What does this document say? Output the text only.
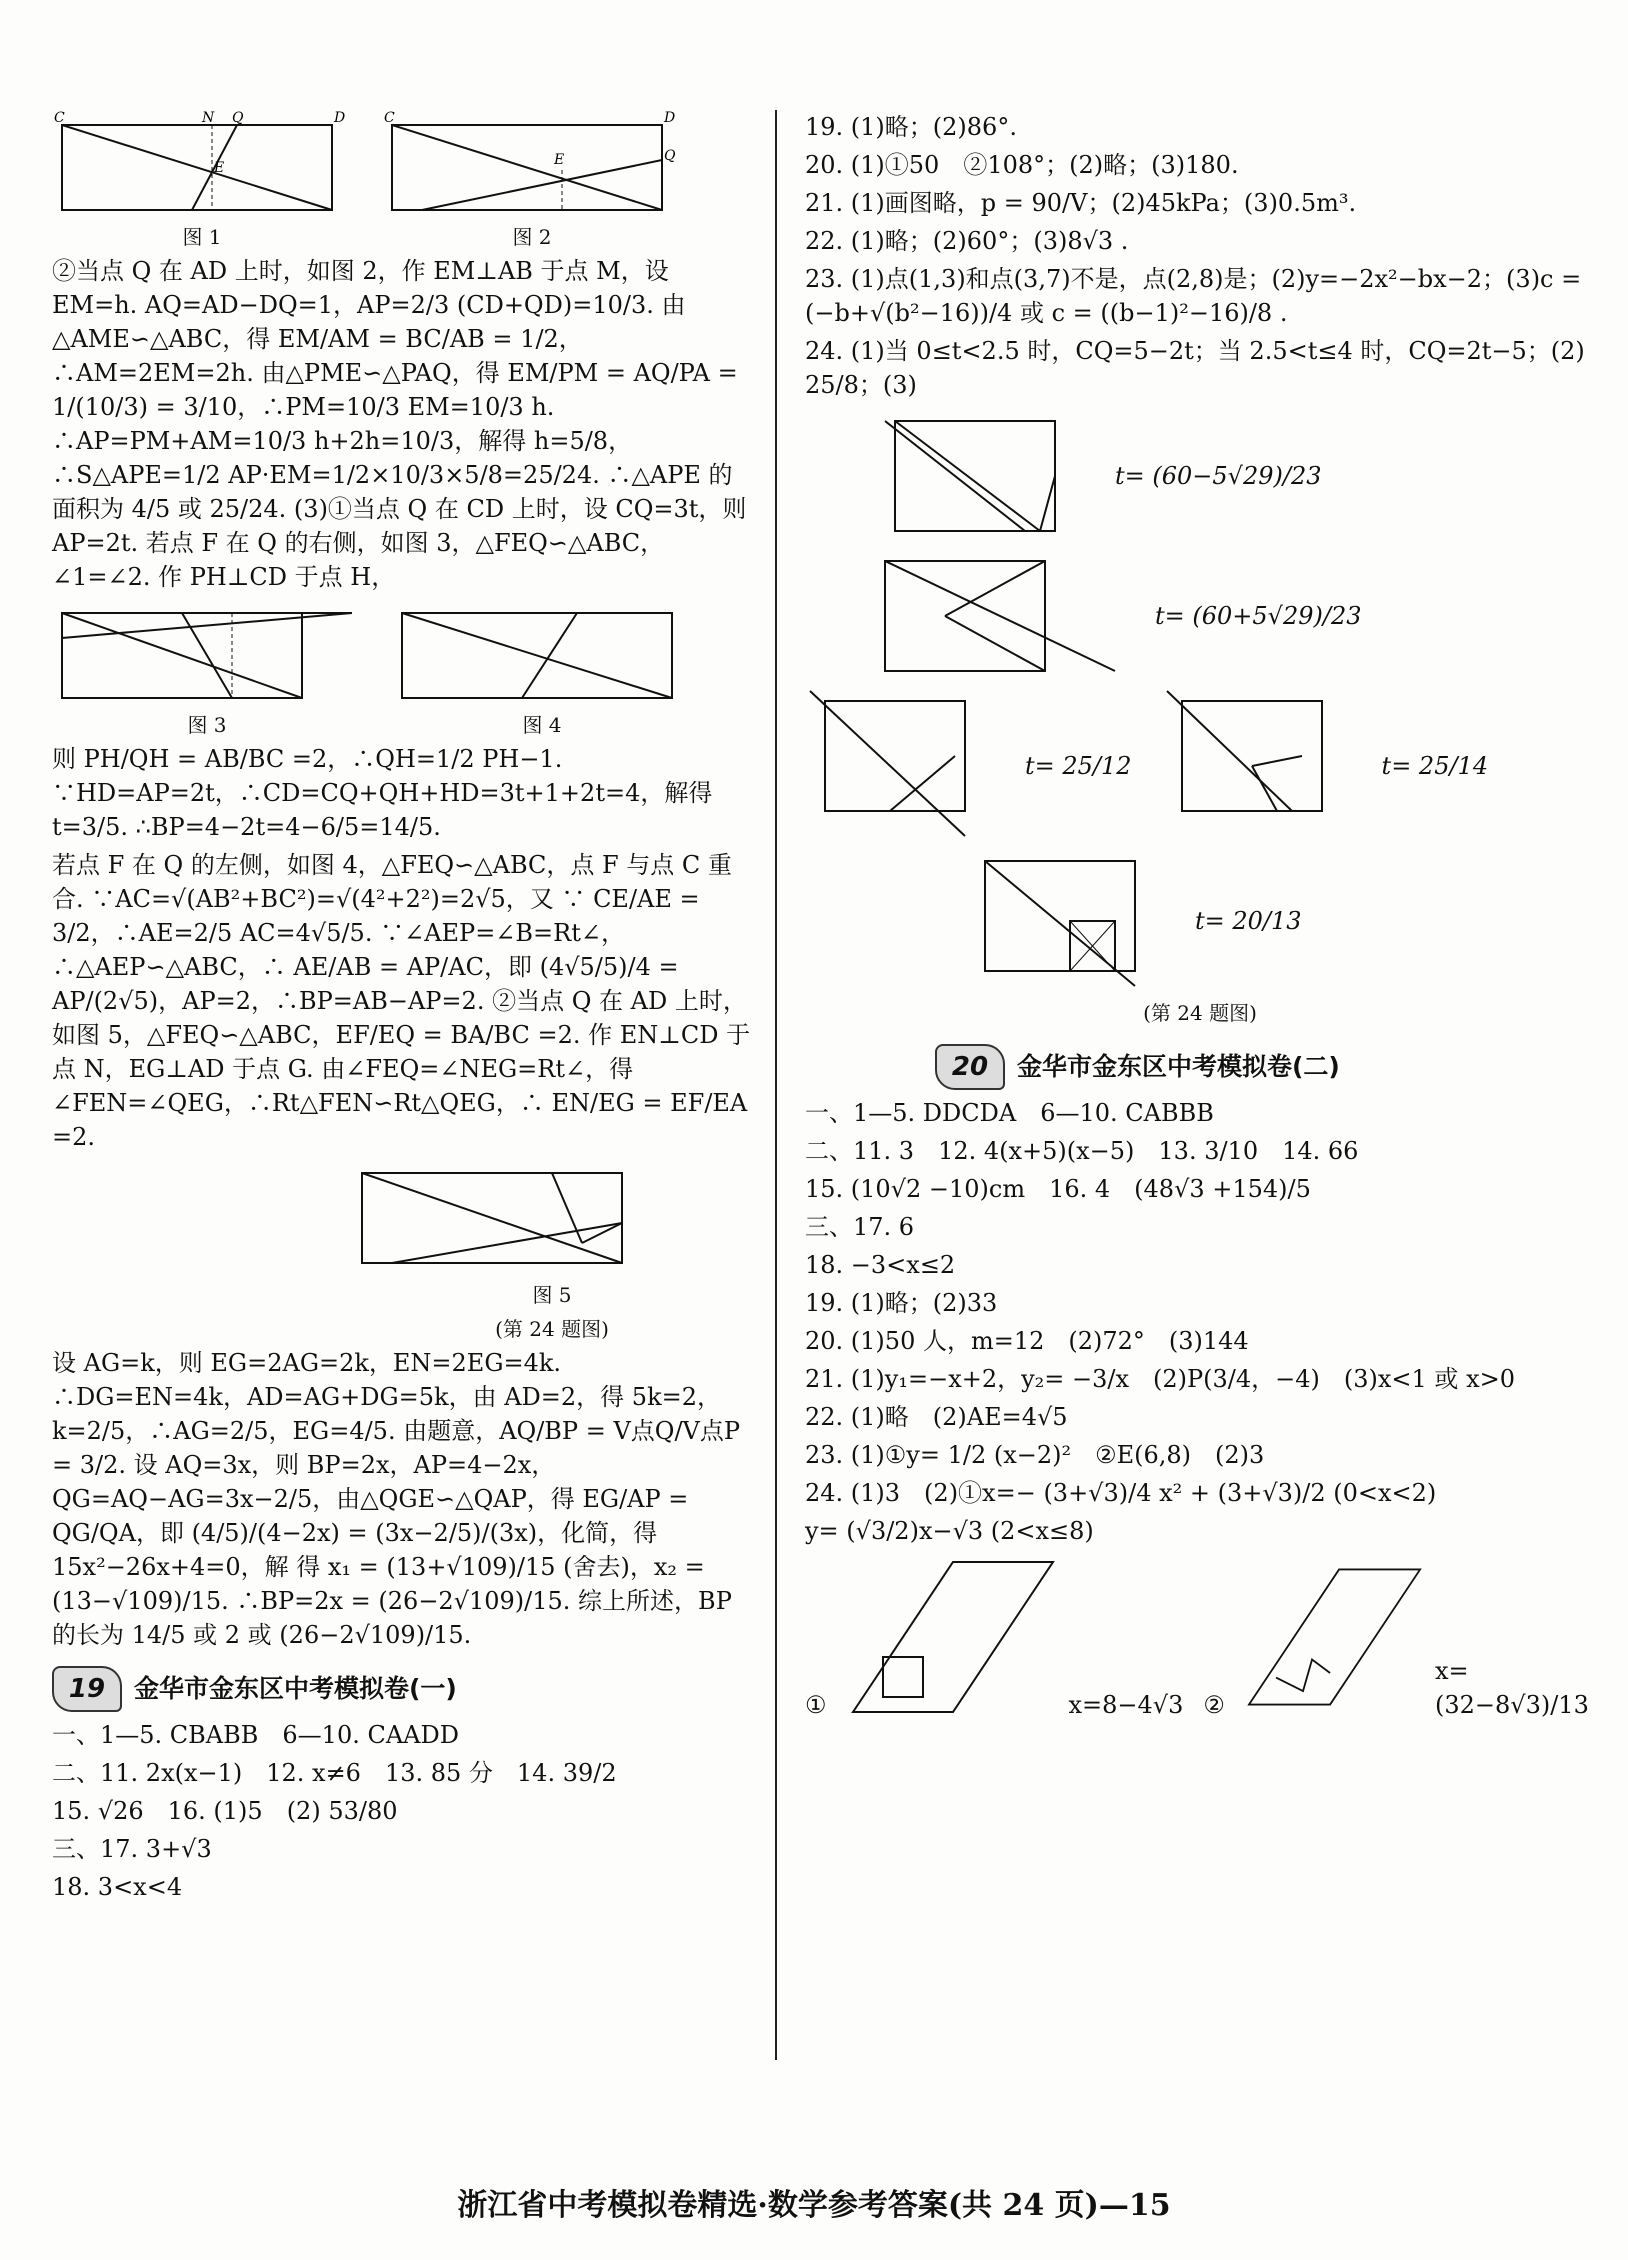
C	N Q	D
E
图 1
C	D
Q
E
图 2

②当点 Q 在 AD 上时，如图 2，作 EM⊥AB 于点 M，设EM=h. AQ=AD−DQ=1，AP=2/3 (CD+QD)=10/3. 由△AME∽△ABC，得 EM/AM = BC/AB = 1/2，∴AM=2EM=2h. 由△PME∽△PAQ，得 EM/PM = AQ/PA = 1/(10/3) = 3/10，∴PM=10/3 EM=10/3 h. ∴AP=PM+AM=10/3 h+2h=10/3，解得 h=5/8，∴S△APE=1/2 AP·EM=1/2×10/3×5/8=25/24. ∴△APE 的面积为 4/5 或 25/24. (3)①当点 Q 在 CD 上时，设 CQ=3t，则 AP=2t. 若点 F 在 Q 的右侧，如图 3，△FEQ∽△ABC，∠1=∠2. 作 PH⊥CD 于点 H，

图 3	图 4

则 PH/QH = AB/BC =2，∴QH=1/2 PH−1. ∵HD=AP=2t，∴CD=CQ+QH+HD=3t+1+2t=4，解得 t=3/5. ∴BP=4−2t=4−6/5=14/5.

若点 F 在 Q 的左侧，如图 4，△FEQ∽△ABC，点 F 与点 C 重合. ∵AC=√(AB²+BC²)=√(4²+2²)=2√5，又 ∵ CE/AE = 3/2，∴AE=2/5 AC=4√5/5. ∵∠AEP=∠B=Rt∠，∴△AEP∽△ABC，∴ AE/AB = AP/AC，即 (4√5/5)/4 = AP/(2√5)，AP=2，∴BP=AB−AP=2. ②当点 Q 在 AD 上时，如图 5，△FEQ∽△ABC，EF/EQ = BA/BC =2. 作 EN⊥CD 于点 N，EG⊥AD 于点 G. 由∠FEQ=∠NEG=Rt∠，得 ∠FEN=∠QEG，∴Rt△FEN∽Rt△QEG，∴ EN/EG = EF/EA =2.

图 5
(第 24 题图)

设 AG=k，则 EG=2AG=2k，EN=2EG=4k. ∴DG=EN=4k，AD=AG+DG=5k，由 AD=2，得 5k=2，k=2/5，∴AG=2/5，EG=4/5. 由题意，AQ/BP = V点Q/V点P = 3/2. 设 AQ=3x，则 BP=2x，AP=4−2x，QG=AQ−AG=3x−2/5，由△QGE∽△QAP，得 EG/AP = QG/QA，即 (4/5)/(4−2x) = (3x−2/5)/(3x)，化简，得 15x²−26x+4=0，解 得 x₁ = (13+√109)/15 (舍去)，x₂ = (13−√109)/15. ∴BP=2x = (26−2√109)/15. 综上所述，BP 的长为 14/5 或 2 或 (26−2√109)/15.

19	金华市金东区中考模拟卷(一)

一、1—5. CBABB　6—10. CAADD

二、11. 2x(x−1)　12. x≠6　13. 85 分　14. 39/2

15. √26　16. (1)5　(2) 53/80

三、17. 3+√3

18. 3<x<4

19. (1)略；(2)86°.

20. (1)①50　②108°；(2)略；(3)180.

21. (1)画图略，p = 90/V；(2)45kPa；(3)0.5m³.

22. (1)略；(2)60°；(3)8√3 .

23. (1)点(1,3)和点(3,7)不是，点(2,8)是；(2)y=−2x²−bx−2；(3)c = (−b+√(b²−16))/4 或 c = ((b−1)²−16)/8 .

24. (1)当 0≤t<2.5 时，CQ=5−2t；当 2.5<t≤4 时，CQ=2t−5；(2) 25/8；(3)

t= (60−5√29)/23
t= (60+5√29)/23
t= 25/12	t= 25/14
t= 20/13
(第 24 题图)
20	金华市金东区中考模拟卷(二)

一、1—5. DDCDA　6—10. CABBB

二、11. 3　12. 4(x+5)(x−5)　13. 3/10　14. 66

15. (10√2 −10)cm　16. 4　(48√3 +154)/5

三、17. 6

18. −3<x≤2

19. (1)略；(2)33

20. (1)50 人，m=12　(2)72°　(3)144

21. (1)y₁=−x+2，y₂= −3/x　(2)P(3/4，−4)　(3)x<1 或 x>0

22. (1)略　(2)AE=4√5

23. (1)①y= 1/2 (x−2)²　②E(6,8)　(2)3

24. (1)3　(2)①x=− (3+√3)/4 x² + (3+√3)/2 (0<x<2)

y= (√3/2)x−√3 (2<x≤8)

①	x=8−4√3 ②
x= (32−8√3)/13
浙江省中考模拟卷精选·数学参考答案(共 24 页)—15
